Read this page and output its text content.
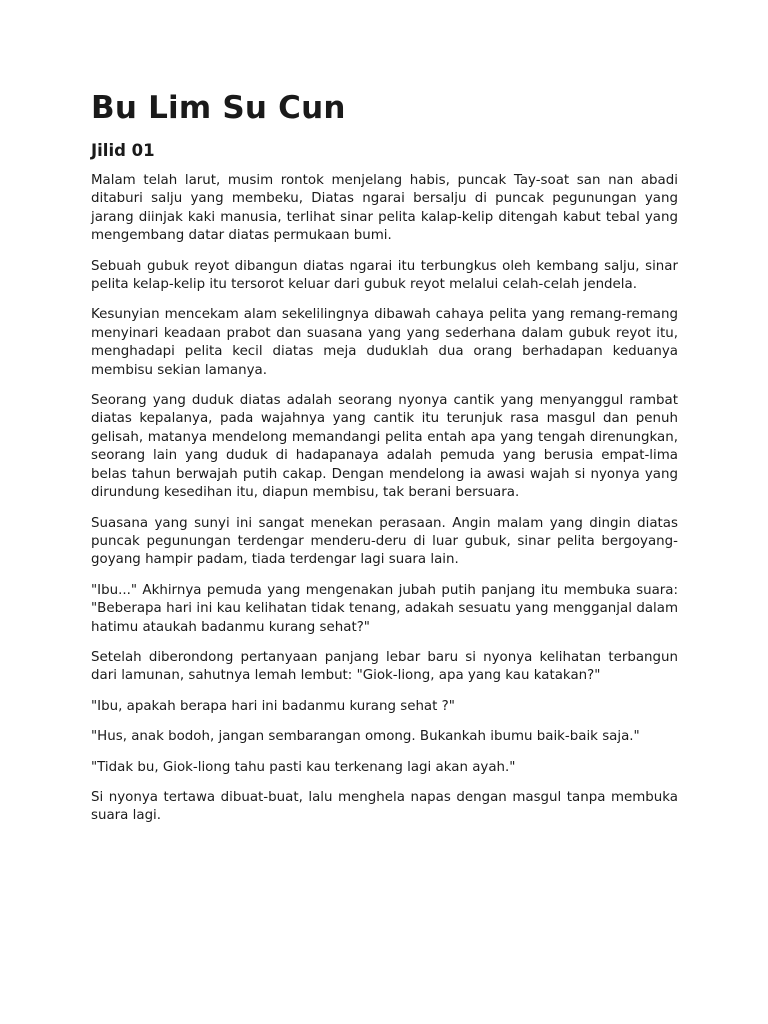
Bu Lim Su Cun
Jilid 01

Malam telah larut, musim rontok menjelang habis, puncak Tay-soat san nan abadi ditaburi salju yang membeku, Diatas ngarai bersalju di puncak pegunungan yang jarang diinjak kaki manusia, terlihat sinar pelita kalap-kelip ditengah kabut tebal yang mengembang datar diatas permukaan bumi.

Sebuah gubuk reyot dibangun diatas ngarai itu terbungkus oleh kembang salju, sinar pelita kelap-kelip itu tersorot keluar dari gubuk reyot melalui celah-celah jendela.

Kesunyian mencekam alam sekelilingnya dibawah cahaya pelita yang remang-remang menyinari keadaan prabot dan suasana yang yang sederhana dalam gubuk reyot itu, menghadapi pelita kecil diatas meja duduklah dua orang berhadapan keduanya membisu sekian lamanya.

Seorang yang duduk diatas adalah seorang nyonya cantik yang menyanggul rambat diatas kepalanya, pada wajahnya yang cantik itu terunjuk rasa masgul dan penuh gelisah, matanya mendelong memandangi pelita entah apa yang tengah direnungkan, seorang lain yang duduk di hadapanaya adalah pemuda yang berusia empat-lima belas tahun berwajah putih cakap. Dengan mendelong ia awasi wajah si nyonya yang dirundung kesedihan itu, diapun membisu, tak berani bersuara.

Suasana yang sunyi ini sangat menekan perasaan. Angin malam yang dingin diatas puncak pegunungan terdengar menderu-deru di luar gubuk, sinar pelita bergoyang-goyang hampir padam, tiada terdengar lagi suara lain.

"Ibu..." Akhirnya pemuda yang mengenakan jubah putih panjang itu membuka suara: "Beberapa hari ini kau kelihatan tidak tenang, adakah sesuatu yang mengganjal dalam hatimu ataukah badanmu kurang sehat?"

Setelah diberondong pertanyaan panjang lebar baru si nyonya kelihatan terbangun dari lamunan, sahutnya lemah lembut: "Giok-liong, apa yang kau katakan?"

"Ibu, apakah berapa hari ini badanmu kurang sehat ?"

"Hus, anak bodoh, jangan sembarangan omong. Bukankah ibumu baik-baik saja."

"Tidak bu, Giok-liong tahu pasti kau terkenang lagi akan ayah."

Si nyonya tertawa dibuat-buat, lalu menghela napas dengan masgul tanpa membuka suara lagi.
